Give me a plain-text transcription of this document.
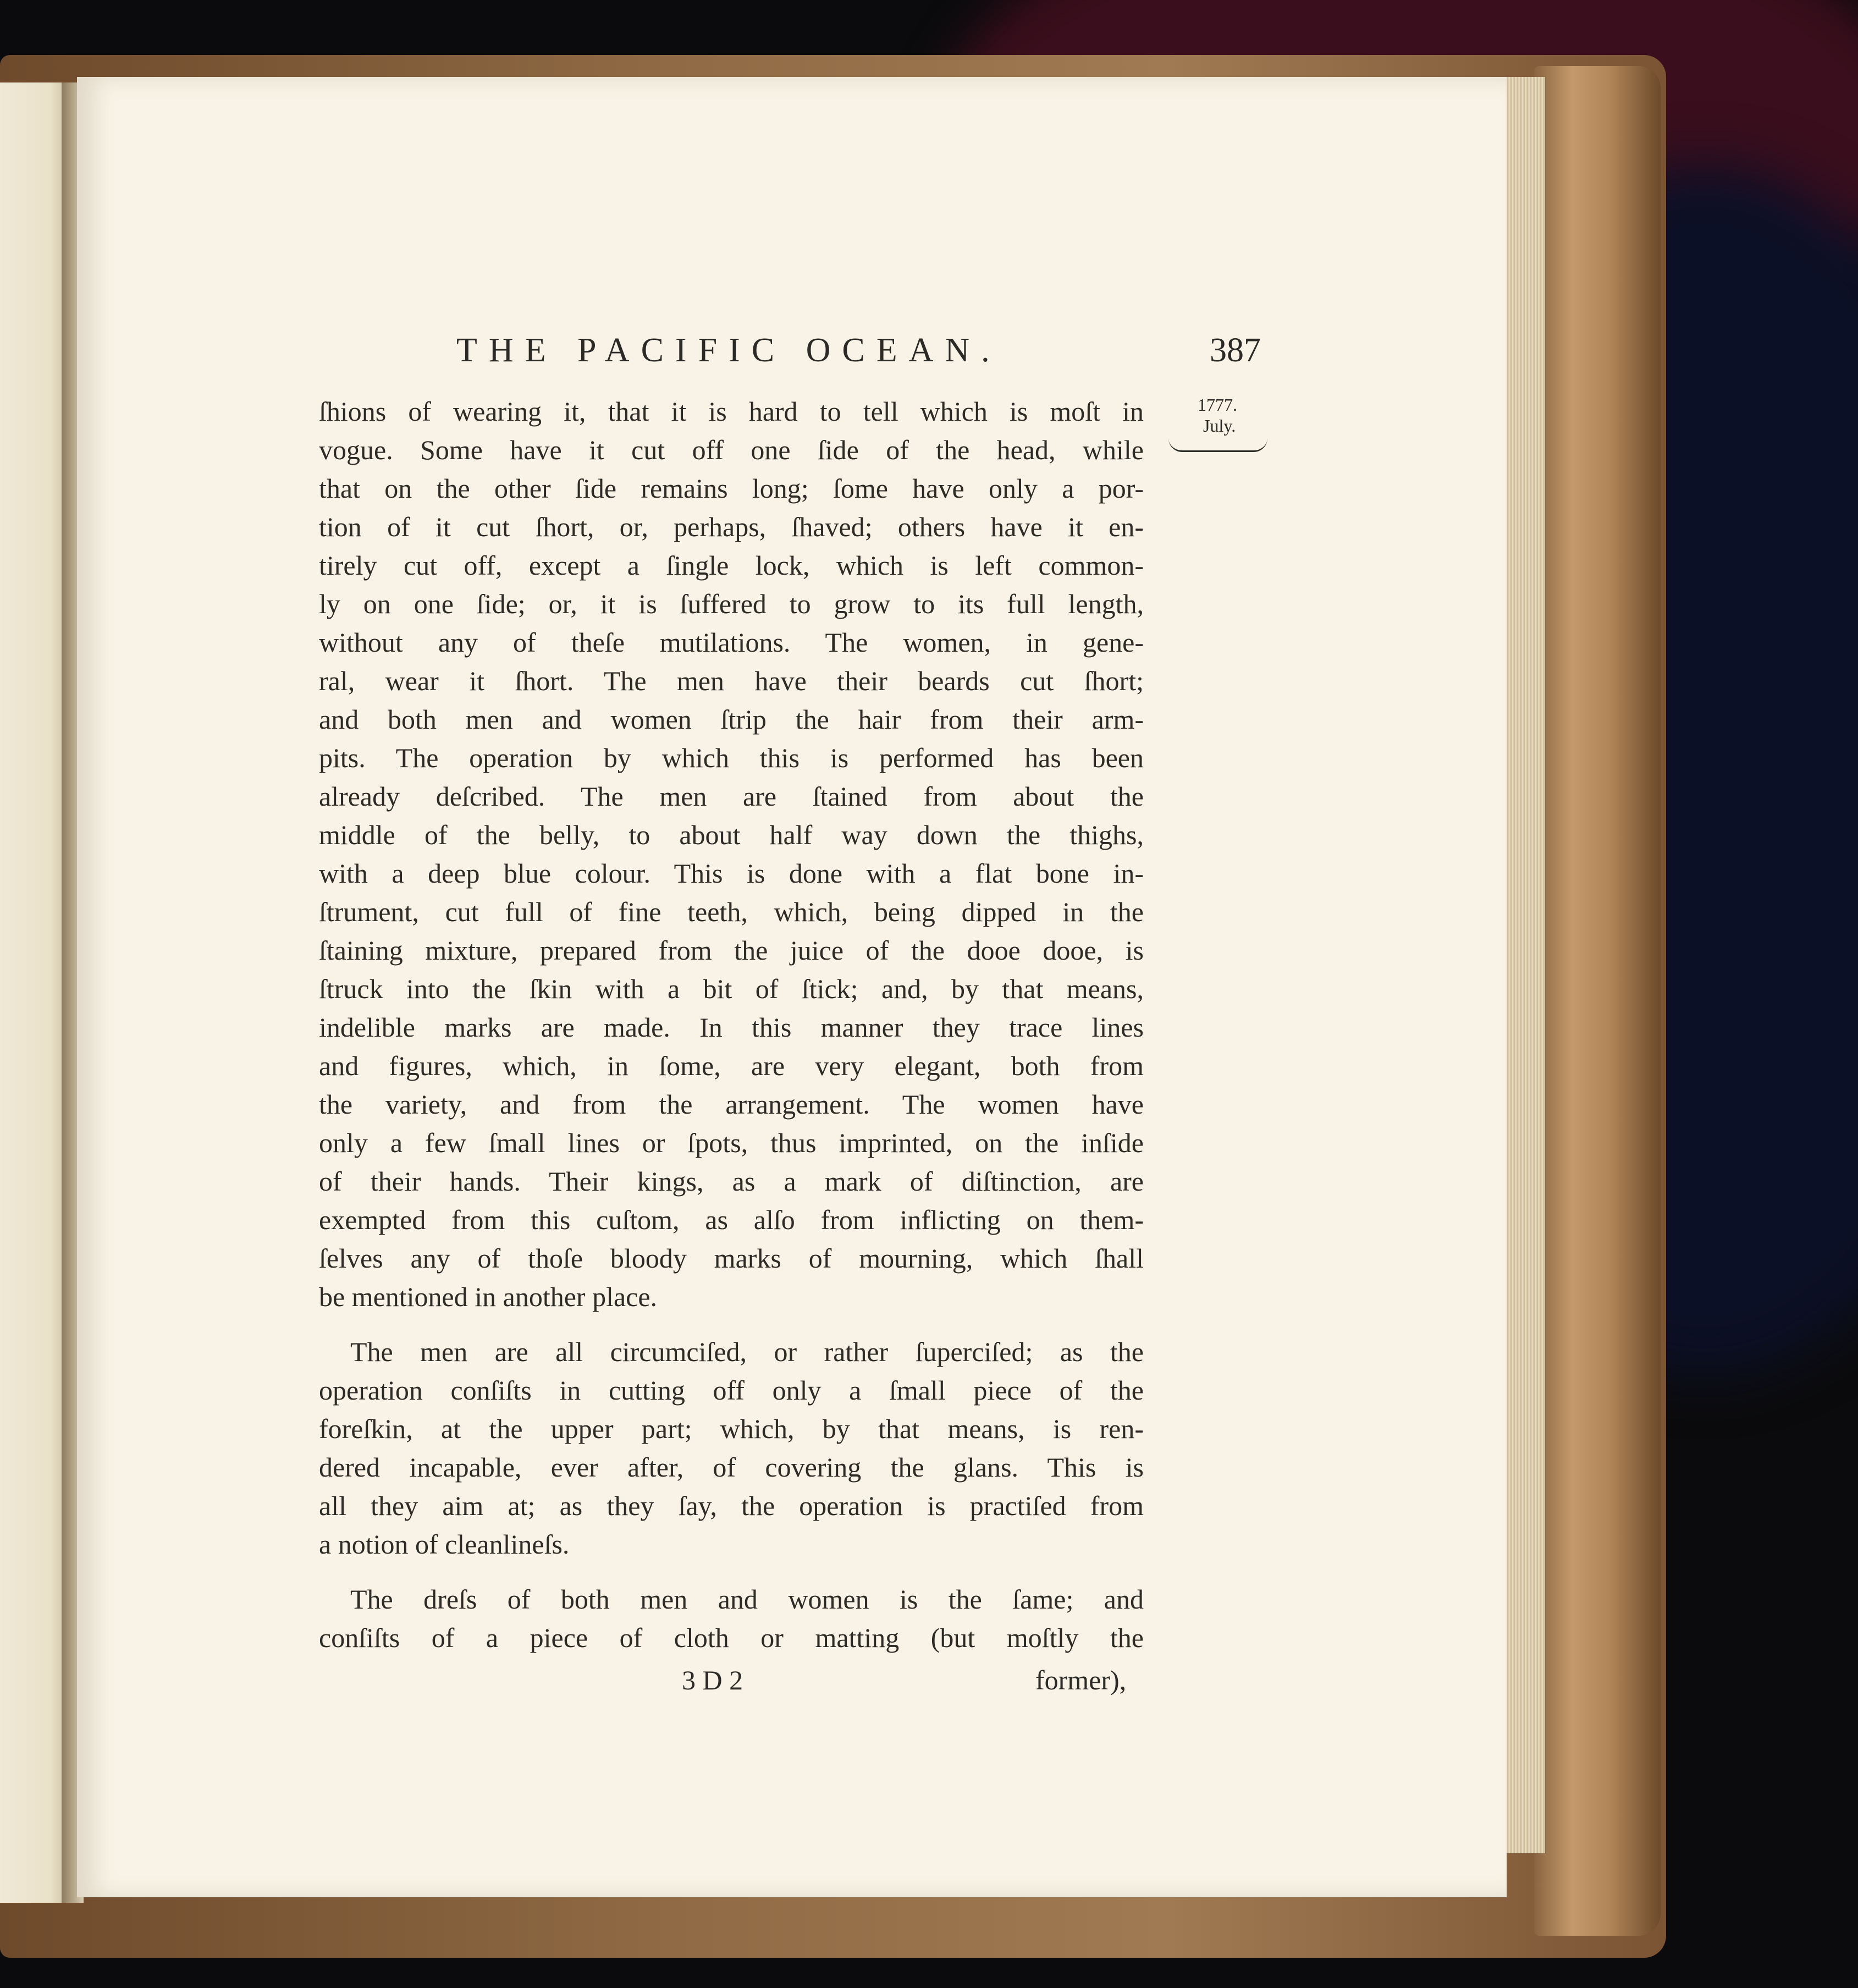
THE PACIFIC OCEAN.	387
1777.
July.
ſhions of wearing it, that it is hard to tell which is moſt in
vogue. Some have it cut off one ſide of the head, while
that on the other ſide remains long; ſome have only a por-
tion of it cut ſhort, or, perhaps, ſhaved; others have it en-
tirely cut off, except a ſingle lock, which is left common-
ly on one ſide; or, it is ſuffered to grow to its full length,
without any of theſe mutilations. The women, in gene-
ral, wear it ſhort. The men have their beards cut ſhort;
and both men and women ſtrip the hair from their arm-
pits. The operation by which this is performed has been
already deſcribed. The men are ſtained from about the
middle of the belly, to about half way down the thighs,
with a deep blue colour. This is done with a flat bone in-
ſtrument, cut full of fine teeth, which, being dipped in the
ſtaining mixture, prepared from the juice of the dooe dooe, is
ſtruck into the ſkin with a bit of ſtick; and, by that means,
indelible marks are made. In this manner they trace lines
and figures, which, in ſome, are very elegant, both from
the variety, and from the arrangement. The women have
only a few ſmall lines or ſpots, thus imprinted, on the inſide
of their hands. Their kings, as a mark of diſtinction, are
exempted from this cuſtom, as alſo from inflicting on them-
ſelves any of thoſe bloody marks of mourning, which ſhall
be mentioned in another place.
The men are all circumciſed, or rather ſuperciſed; as the
operation conſiſts in cutting off only a ſmall piece of the
foreſkin, at the upper part; which, by that means, is ren-
dered incapable, ever after, of covering the glans. This is
all they aim at; as they ſay, the operation is practiſed from
a notion of cleanlineſs.
The dreſs of both men and women is the ſame; and
conſiſts of a piece of cloth or matting (but moſtly the
3 D 2	former),
